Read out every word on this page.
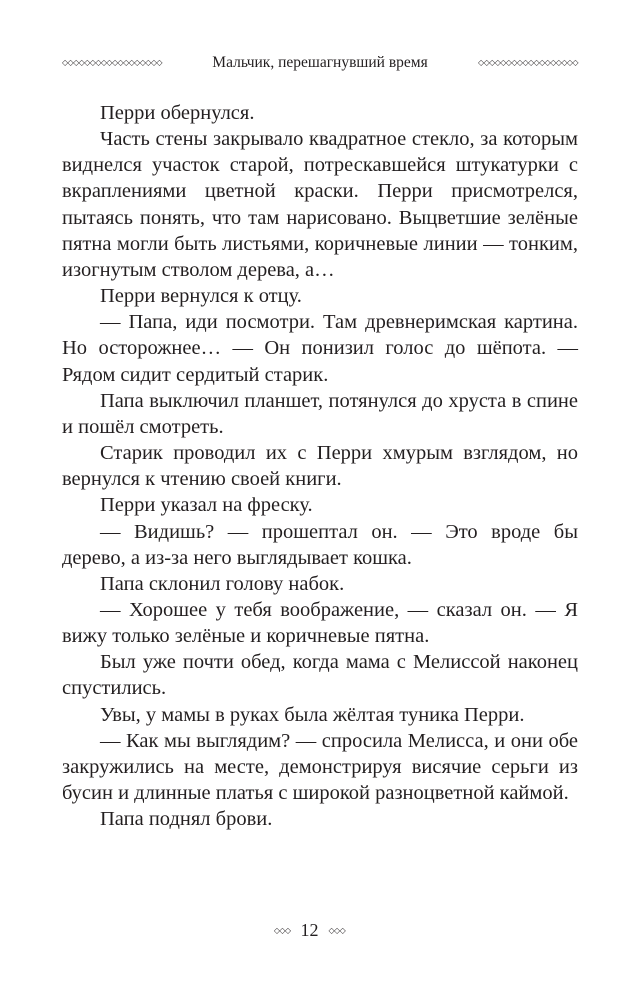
◇◇◇◇◇◇◇◇◇◇◇◇◇◇◇◇◇◇	Мальчик, перешагнувший время	◇◇◇◇◇◇◇◇◇◇◇◇◇◇◇◇◇◇

Перри обернулся.

Часть стены закрывало квадратное стекло, за которым виднелся участок старой, потрескавшейся штукатурки с вкраплениями цветной краски. Перри присмотрелся, пытаясь понять, что там нарисовано. Выцветшие зелёные пятна могли быть листьями, коричневые линии — тонким, изогнутым стволом дерева, а…

Перри вернулся к отцу.

— Папа, иди посмотри. Там древнеримская картина. Но осторожнее… — Он понизил голос до шёпота. — Рядом сидит сердитый старик.

Папа выключил планшет, потянулся до хруста в спине и пошёл смотреть.

Старик проводил их с Перри хмурым взглядом, но вернулся к чтению своей книги.

Перри указал на фреску.

— Видишь? — прошептал он. — Это вроде бы дерево, а из-за него выглядывает кошка.

Папа склонил голову набок.

— Хорошее у тебя воображение, — сказал он. — Я вижу только зелёные и коричневые пятна.

Был уже почти обед, когда мама с Мелиссой наконец спустились.

Увы, у мамы в руках была жёлтая туника Перри.

— Как мы выглядим? — спросила Мелисса, и они обе закружились на месте, демонстрируя висячие серьги из бусин и длинные платья с широкой разноцветной каймой.

Папа поднял брови.

◇◇◇ 12 ◇◇◇
